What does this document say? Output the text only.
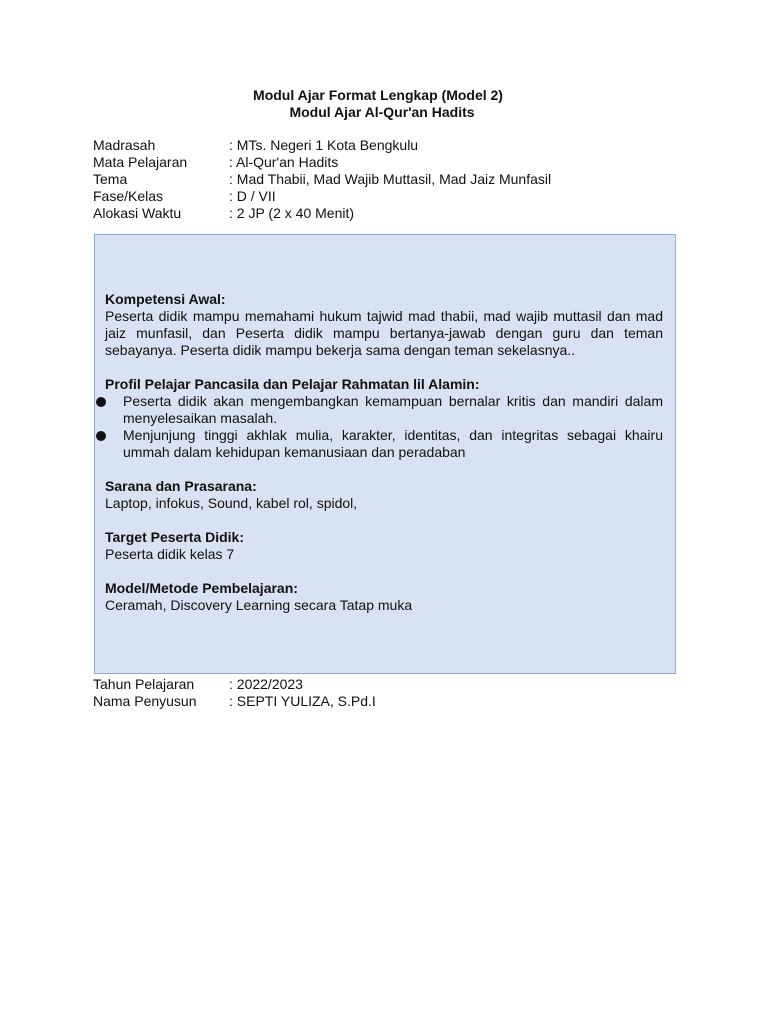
Modul Ajar Format Lengkap (Model 2)
Modul Ajar Al-Qur'an Hadits
Madrasah	: MTs. Negeri 1 Kota Bengkulu
Mata Pelajaran	: Al-Qur'an Hadits
Tema	: Mad Thabii, Mad Wajib Muttasil, Mad Jaiz Munfasil
Fase/Kelas	: D / VII
Alokasi Waktu	: 2 JP (2 x 40 Menit)
Kompetensi Awal:
Peserta didik mampu memahami hukum tajwid mad thabii, mad wajib muttasil dan mad jaiz munfasil, dan Peserta didik mampu bertanya-jawab dengan guru dan teman sebayanya. Peserta didik mampu bekerja sama dengan teman sekelasnya..
Profil Pelajar Pancasila dan Pelajar Rahmatan lil Alamin:
Peserta didik akan mengembangkan kemampuan bernalar kritis dan mandiri dalam menyelesaikan masalah.
Menjunjung tinggi akhlak mulia, karakter, identitas, dan integritas sebagai khairu ummah dalam kehidupan kemanusiaan dan peradaban
Sarana dan Prasarana:
Laptop, infokus, Sound, kabel rol, spidol,
Target Peserta Didik:
Peserta didik kelas 7
Model/Metode Pembelajaran:
Ceramah, Discovery Learning secara Tatap muka
Tahun Pelajaran	: 2022/2023
Nama Penyusun	: SEPTI YULIZA, S.Pd.I
